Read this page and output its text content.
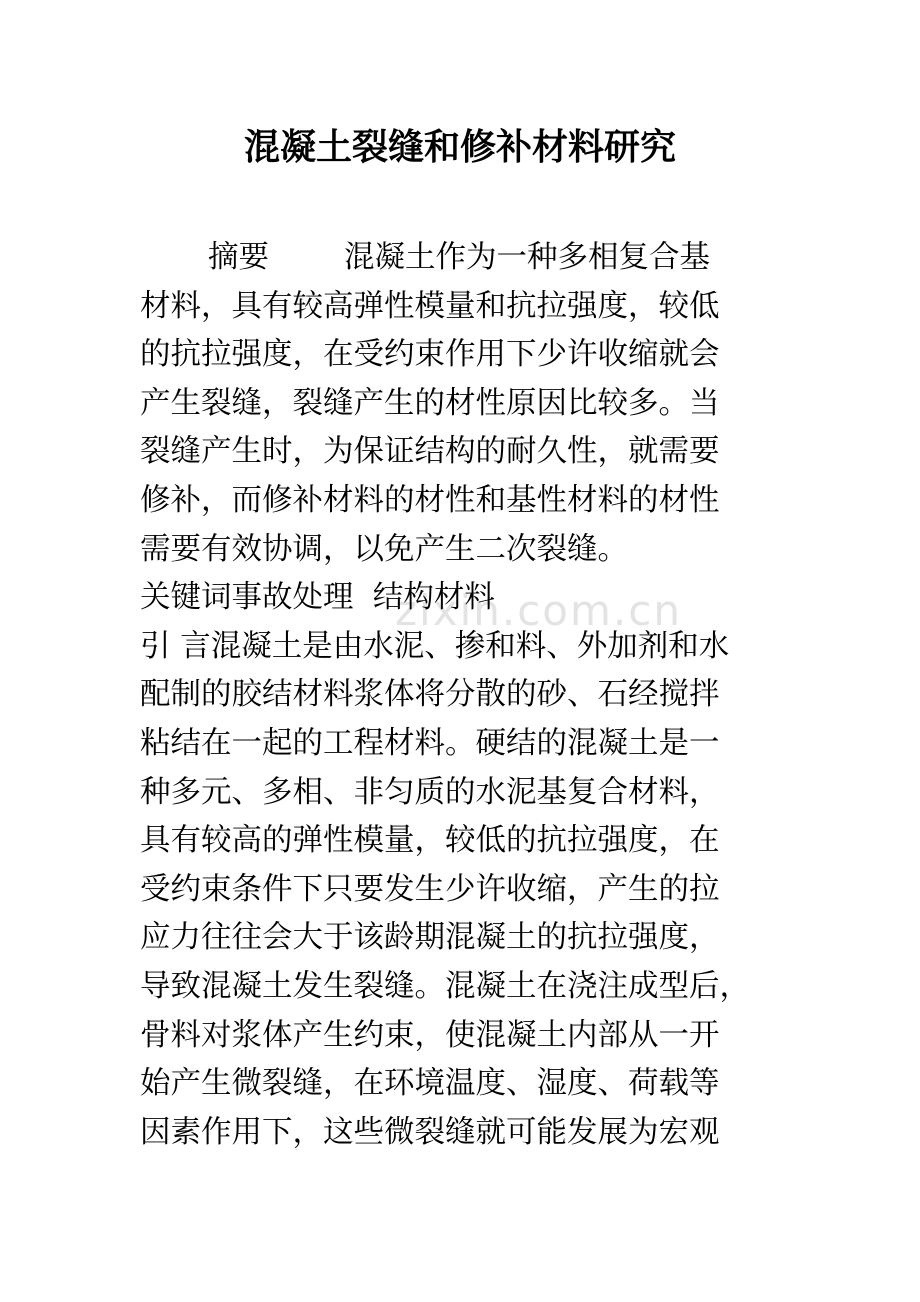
zixin.com.cn
混凝土裂缝和修补材料研究
摘要 混凝土作为一种多相复合基
材料，具有较高弹性模量和抗拉强度，较低
的抗拉强度，在受约束作用下少许收缩就会
产生裂缝，裂缝产生的材性原因比较多。当
裂缝产生时，为保证结构的耐久性，就需要
修补，而修补材料的材性和基性材料的材性
需要有效协调，以免产生二次裂缝。
关键词事故处理  结构材料
引 言混凝土是由水泥、掺和料、外加剂和水
配制的胶结材料浆体将分散的砂、石经搅拌
粘结在一起的工程材料。硬结的混凝土是一
种多元、多相、非匀质的水泥基复合材料，
具有较高的弹性模量，较低的抗拉强度，在
受约束条件下只要发生少许收缩，产生的拉
应力往往会大于该龄期混凝土的抗拉强度，
导致混凝土发生裂缝。混凝土在浇注成型后，
骨料对浆体产生约束，使混凝土内部从一开
始产生微裂缝，在环境温度、湿度、荷载等
因素作用下，这些微裂缝就可能发展为宏观
